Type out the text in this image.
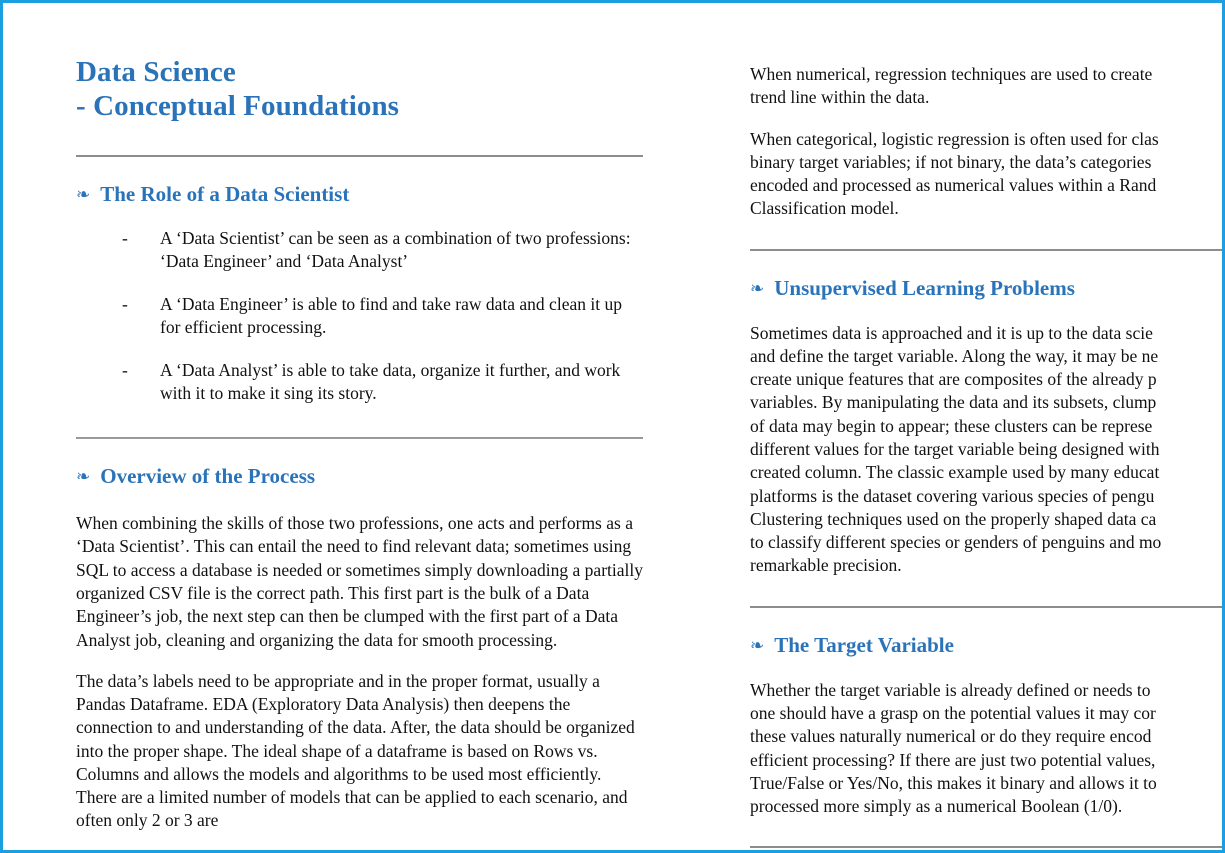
Data Science
- Conceptual Foundations
❧ The Role of a Data Scientist
-	A ‘Data Scientist’ can be seen as a combination of two professions: ‘Data Engineer’ and ‘Data Analyst’
-	A ‘Data Engineer’ is able to find and take raw data and clean it up for efficient processing.
-	A ‘Data Analyst’ is able to take data, organize it further, and work with it to make it sing its story.
❧ Overview of the Process

When combining the skills of those two professions, one acts and performs as a ‘Data Scientist’. This can entail the need to find relevant data; sometimes using SQL to access a database is needed or sometimes simply downloading a partially organized CSV file is the correct path. This first part is the bulk of a Data Engineer’s job, the next step can then be clumped with the first part of a Data Analyst job, cleaning and organizing the data for smooth processing.

The data’s labels need to be appropriate and in the proper format, usually a Pandas Dataframe. EDA (Exploratory Data Analysis) then deepens the connection to and understanding of the data. After, the data should be organized into the proper shape. The ideal shape of a dataframe is based on Rows vs. Columns and allows the models and algorithms to be used most efficiently. There are a limited number of models that can be applied to each scenario, and often only 2 or 3 are

When numerical, regression techniques are used to create
trend line within the data.

When categorical, logistic regression is often used for clas
binary target variables; if not binary, the data’s categories
encoded and processed as numerical values within a Rand
Classification model.

❧ Unsupervised Learning Problems

Sometimes data is approached and it is up to the data scie
and define the target variable. Along the way, it may be ne
create unique features that are composites of the already p
variables. By manipulating the data and its subsets, clump
of data may begin to appear; these clusters can be represe
different values for the target variable being designed with
created column. The classic example used by many educat
platforms is the dataset covering various species of pengu
Clustering techniques used on the properly shaped data ca
to classify different species or genders of penguins and mo
remarkable precision.

❧ The Target Variable

Whether the target variable is already defined or needs to
one should have a grasp on the potential values it may cor
these values naturally numerical or do they require encod
efficient processing? If there are just two potential values,
True/False or Yes/No, this makes it binary and allows it to
processed more simply as a numerical Boolean (1/0).
